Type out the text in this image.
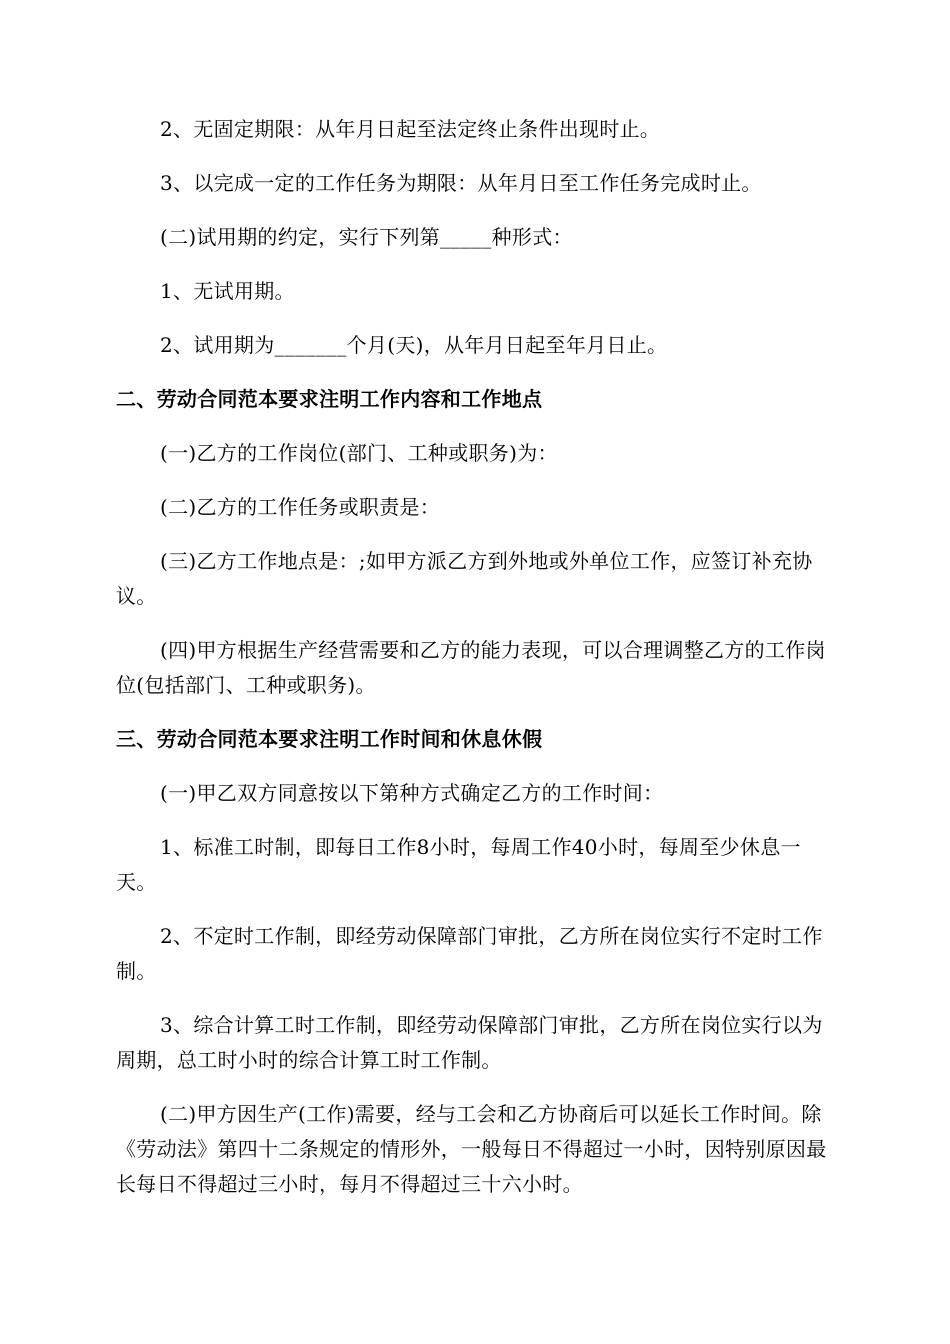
2、无固定期限：从年月日起至法定终止条件出现时止。

3、以完成一定的工作任务为期限：从年月日至工作任务完成时止。

(二)试用期的约定，实行下列第_____种形式：

1、无试用期。

2、试用期为_______个月(天)，从年月日起至年月日止。

二、劳动合同范本要求注明工作内容和工作地点

(一)乙方的工作岗位(部门、工种或职务)为：

(二)乙方的工作任务或职责是：

(三)乙方工作地点是：;如甲方派乙方到外地或外单位工作，应签订补充协议。

(四)甲方根据生产经营需要和乙方的能力表现，可以合理调整乙方的工作岗位(包括部门、工种或职务)。

三、劳动合同范本要求注明工作时间和休息休假

(一)甲乙双方同意按以下第种方式确定乙方的工作时间：

1、标准工时制，即每日工作8小时，每周工作40小时，每周至少休息一天。

2、不定时工作制，即经劳动保障部门审批，乙方所在岗位实行不定时工作制。

3、综合计算工时工作制，即经劳动保障部门审批，乙方所在岗位实行以为周期，总工时小时的综合计算工时工作制。

(二)甲方因生产(工作)需要，经与工会和乙方协商后可以延长工作时间。除《劳动法》第四十二条规定的情形外，一般每日不得超过一小时，因特别原因最长每日不得超过三小时，每月不得超过三十六小时。
